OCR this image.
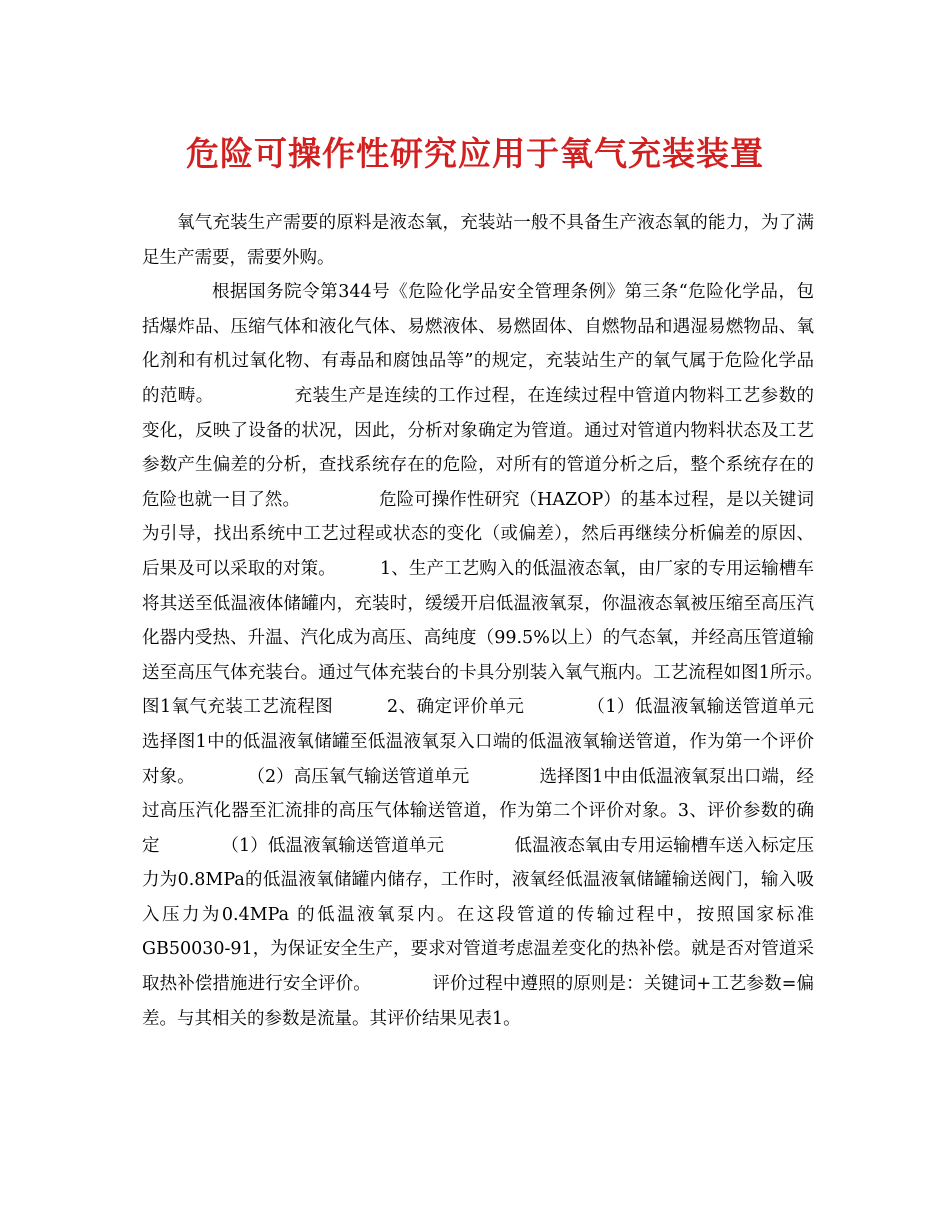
危险可操作性研究应用于氧气充装装置

氧气充装生产需要的原料是液态氧，充装站一般不具备生产液态氧的能力，为了满足生产需要，需要外购。

根据国务院令第344号《危险化学品安全管理条例》第三条“危险化学品，包括爆炸品、压缩气体和液化气体、易燃液体、易燃固体、自燃物品和遇湿易燃物品、氧化剂和有机过氧化物、有毒品和腐蚀品等”的规定，充装站生产的氧气属于危险化学品的范畴。　　　　　充装生产是连续的工作过程，在连续过程中管道内物料工艺参数的变化，反映了设备的状况，因此，分析对象确定为管道。通过对管道内物料状态及工艺参数产生偏差的分析，查找系统存在的危险，对所有的管道分析之后，整个系统存在的危险也就一目了然。　　　　　危险可操作性研究（HAZOP）的基本过程，是以关键词为引导，找出系统中工艺过程或状态的变化（或偏差），然后再继续分析偏差的原因、后果及可以采取的对策。　　　1、生产工艺购入的低温液态氧，由厂家的专用运输槽车将其送至低温液体储罐内，充装时，缓缓开启低温液氧泵，你温液态氧被压缩至高压汽化器内受热、升温、汽化成为高压、高纯度（99.5%以上）的气态氧，并经高压管道输送至高压气体充装台。通过气体充装台的卡具分别装入氧气瓶内。工艺流程如图1所示。　　　　图1氧气充装工艺流程图　　　2、确定评价单元　　　　（1）低温液氧输送管道单元选择图1中的低温液氧储罐至低温液氧泵入口端的低温液氧输送管道，作为第一个评价对象。　　　　（2）高压氧气输送管道单元　　　　选择图1中由低温液氧泵出口端，经过高压汽化器至汇流排的高压气体输送管道，作为第二个评价对象。3、评价参数的确定　　　　（1）低温液氧输送管道单元　　　　低温液态氧由专用运输槽车送入标定压力为0.8MPa的低温液氧储罐内储存，工作时，液氧经低温液氧储罐输送阀门，输入吸入压力为0.4MPa 的低温液氧泵内。在这段管道的传输过程中，按照国家标准GB50030-91，为保证安全生产，要求对管道考虑温差变化的热补偿。就是否对管道采取热补偿措施进行安全评价。　　　　评价过程中遵照的原则是：关键词+工艺参数=偏差。与其相关的参数是流量。其评价结果见表1。
